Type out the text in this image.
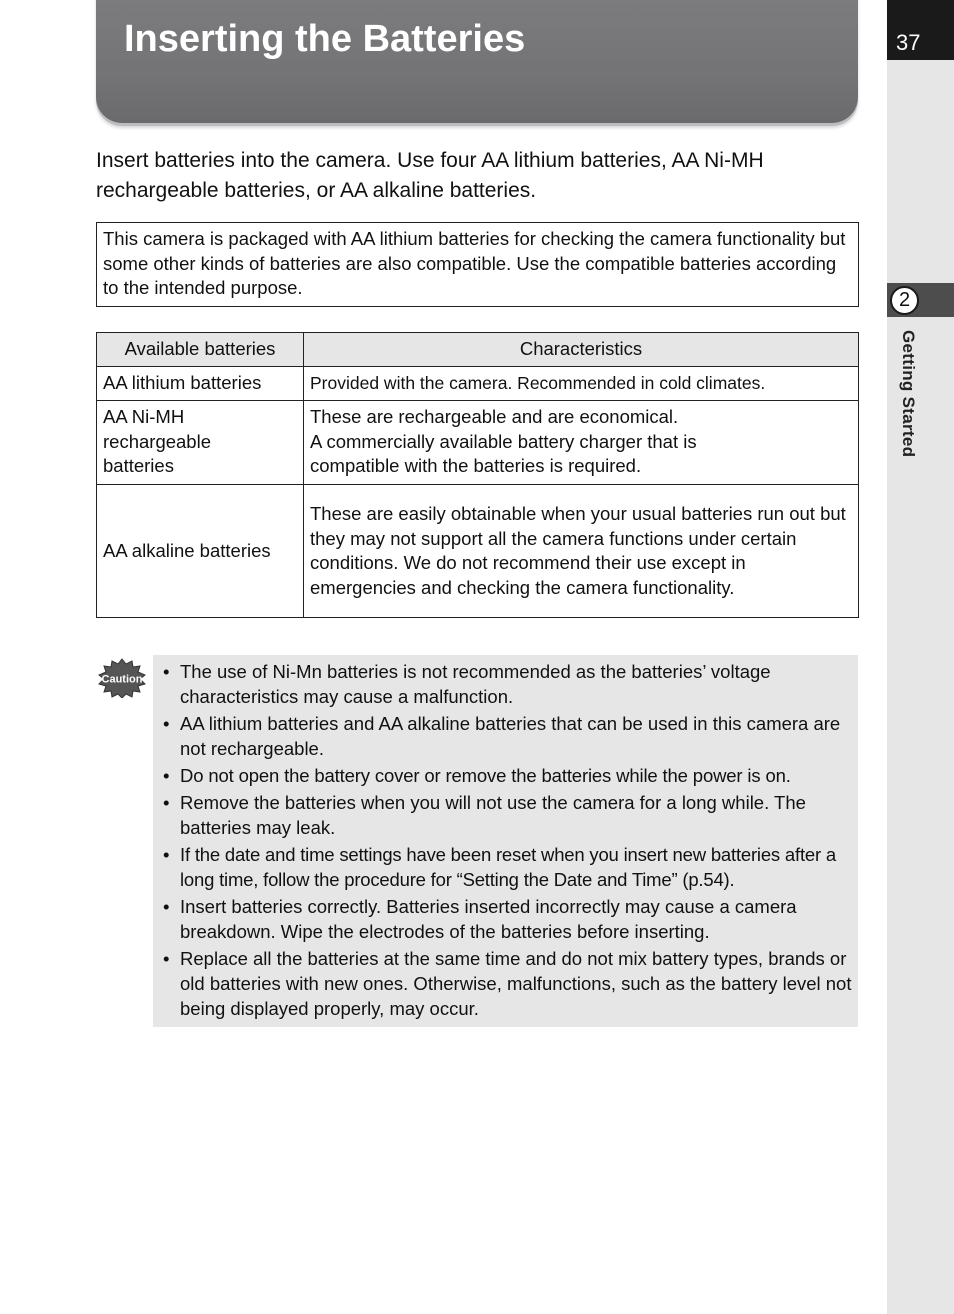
37
2
Getting Started
Inserting the Batteries

Insert batteries into the camera. Use four AA lithium batteries, AA Ni-MH rechargeable batteries, or AA alkaline batteries.

This camera is packaged with AA lithium batteries for checking the camera functionality but some other kinds of batteries are also compatible. Use the compatible batteries according to the intended purpose.
Available batteries	Characteristics
AA lithium batteries	Provided with the camera. Recommended in cold climates.

AA Ni-MH rechargeable batteries	These are rechargeable and are economical.
A commercially available battery charger that is compatible with the batteries is required.

AA alkaline batteries	These are easily obtainable when your usual batteries run out but they may not support all the camera functions under certain conditions. We do not recommend their use except in emergencies and checking the camera functionality.
Caution • The use of Ni-Mn batteries is not recommended as the batteries’ voltage characteristics may cause a malfunction.
• AA lithium batteries and AA alkaline batteries that can be used in this camera are not rechargeable.
• Do not open the battery cover or remove the batteries while the power is on.
• Remove the batteries when you will not use the camera for a long while. The batteries may leak.
• If the date and time settings have been reset when you insert new batteries after a long time, follow the procedure for “Setting the Date and Time” (p.54).
• Insert batteries correctly. Batteries inserted incorrectly may cause a camera breakdown. Wipe the electrodes of the batteries before inserting.
• Replace all the batteries at the same time and do not mix battery types, brands or old batteries with new ones. Otherwise, malfunctions, such as the battery level not being displayed properly, may occur.
